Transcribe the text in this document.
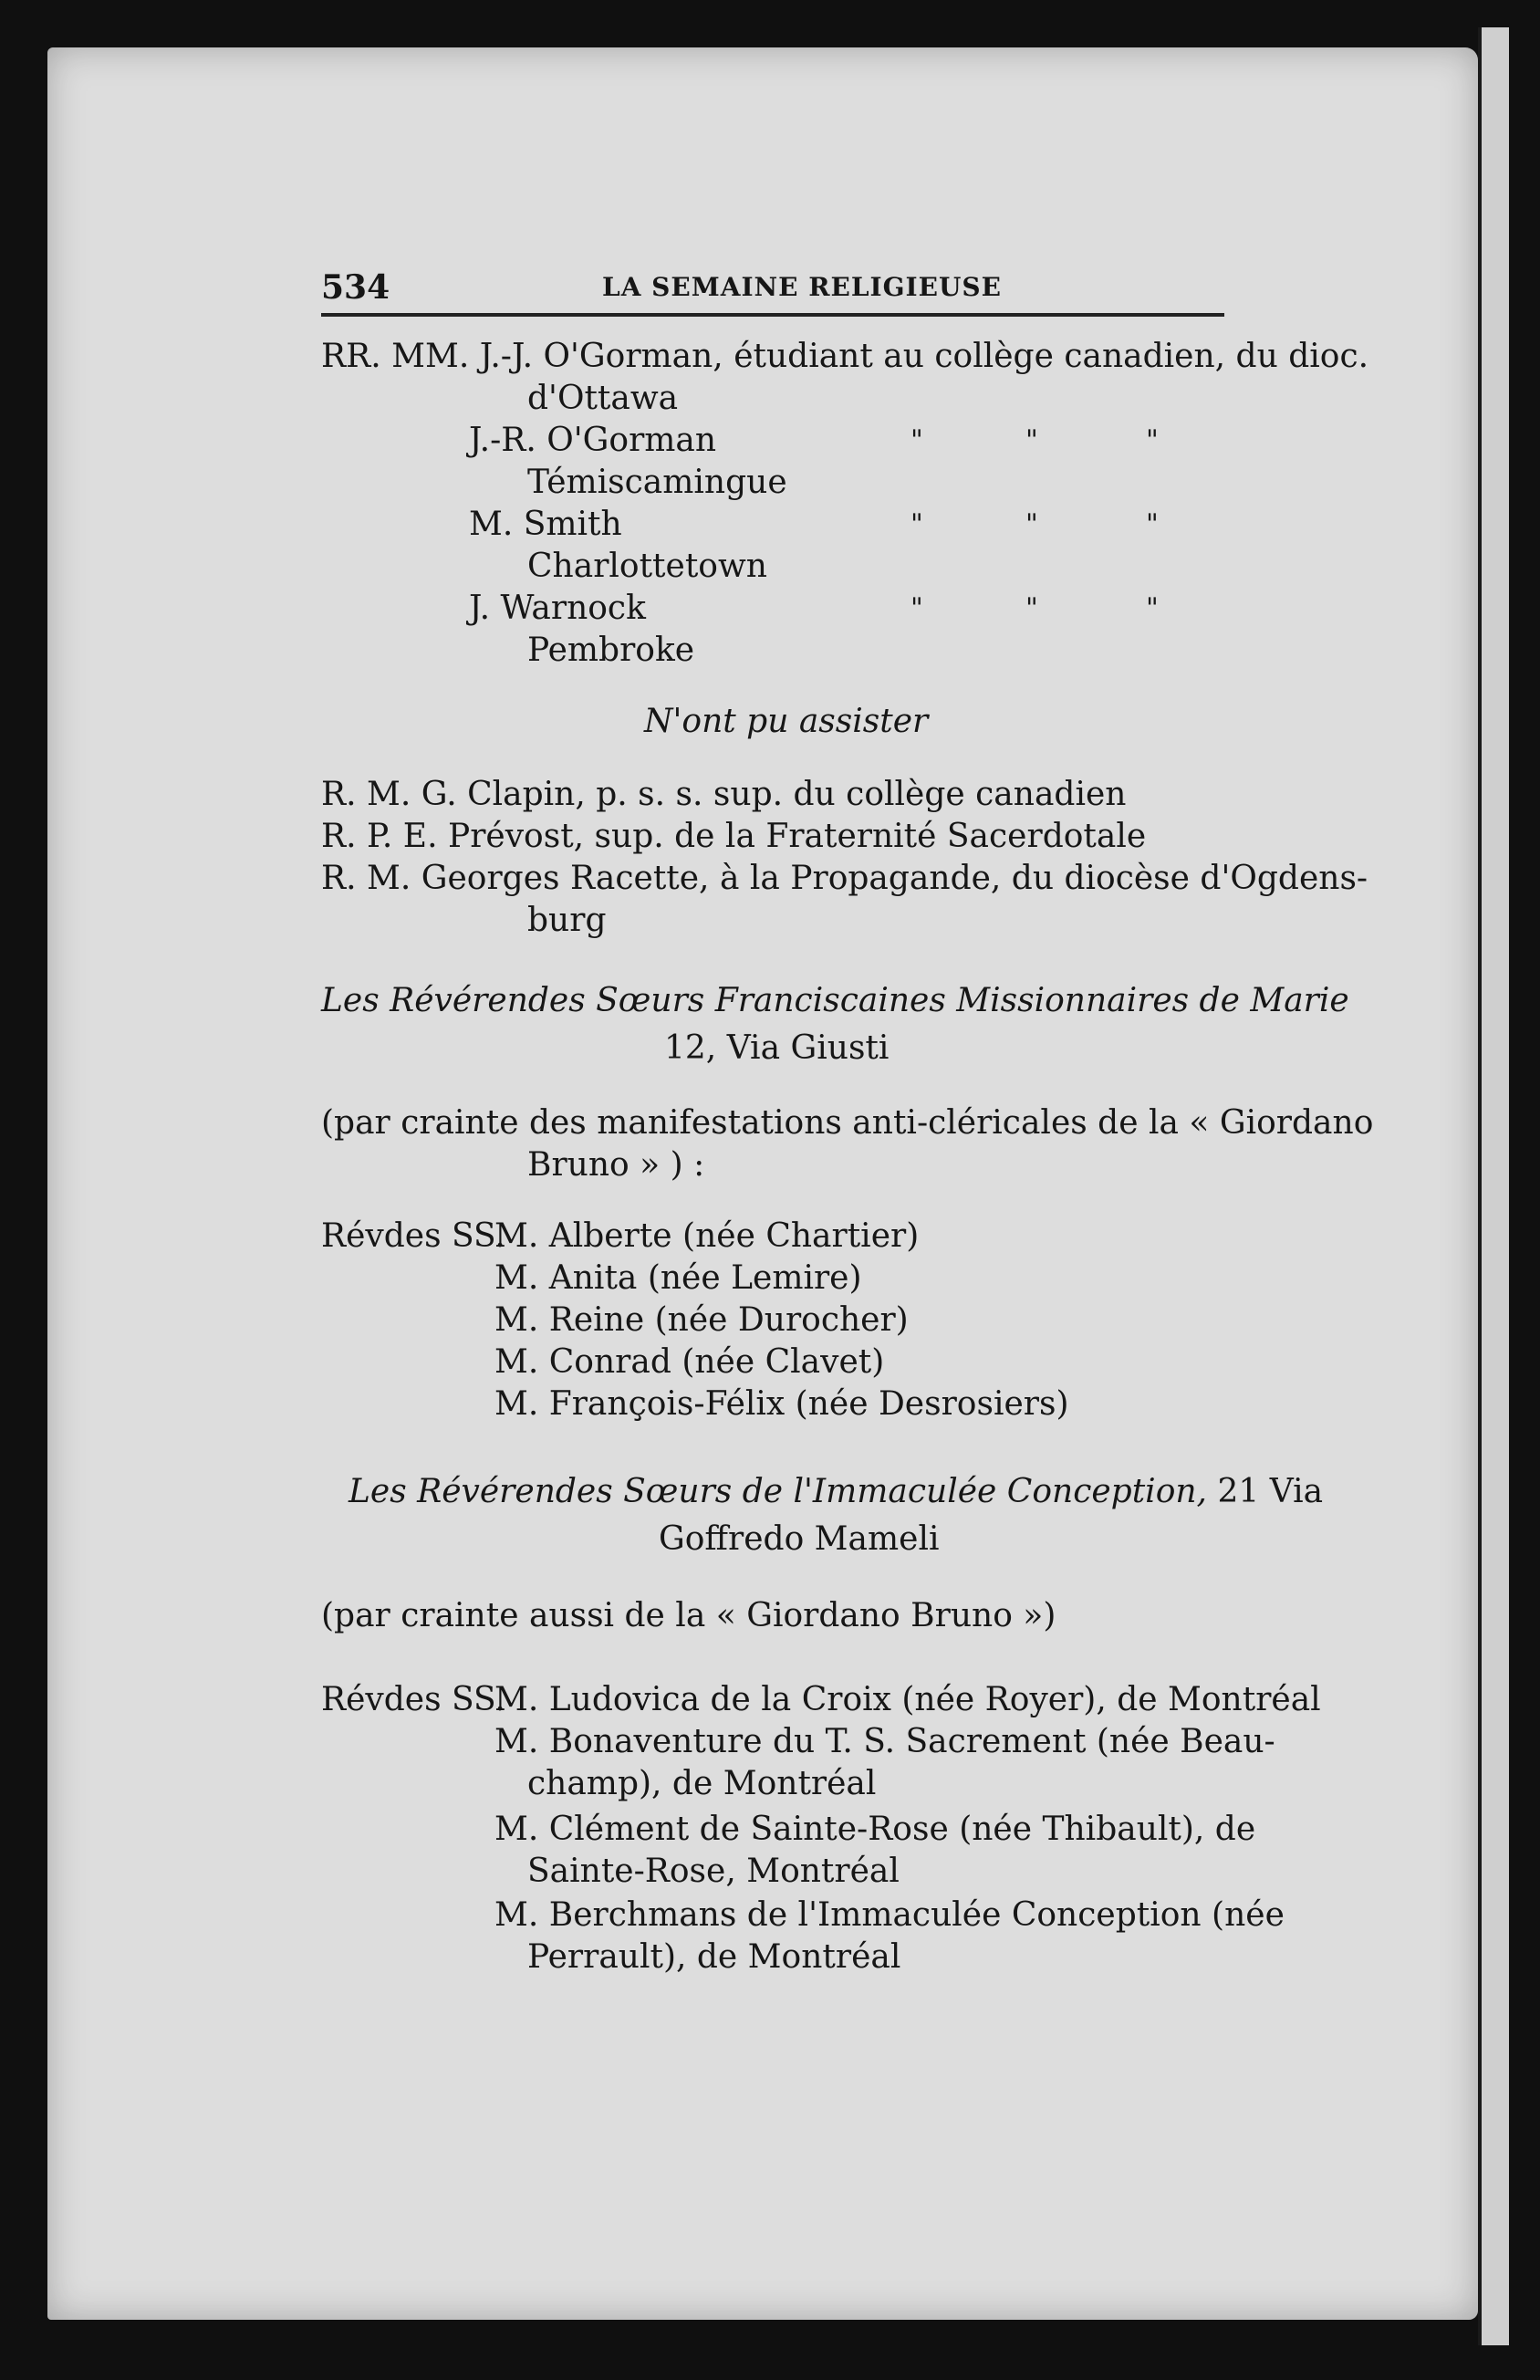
534	LA SEMAINE RELIGIEUSE
RR. MM. J.-J. O'Gorman, étudiant au collège canadien, du dioc.
d'Ottawa
J.-R. O'Gorman	"	"	"
Témiscamingue
M. Smith	"	"	"
Charlottetown
J. Warnock	"	"	"
Pembroke
N'ont pu assister
R. M. G. Clapin, p. s. s. sup. du collège canadien
R. P. E. Prévost, sup. de la Fraternité Sacerdotale
R. M. Georges Racette, à la Propagande, du diocèse d'Ogdens-
burg
Les Révérendes Sœurs Franciscaines Missionnaires de Marie
12, Via Giusti
(par crainte des manifestations anti-cléricales de la « Giordano
Bruno » ) :
Révdes SS.
M. Alberte (née Chartier)
M. Anita (née Lemire)
M. Reine (née Durocher)
M. Conrad (née Clavet)
M. François-Félix (née Desrosiers)
Les Révérendes Sœurs de l'Immaculée Conception, 21 Via
Goffredo Mameli
(par crainte aussi de la « Giordano Bruno »)
Révdes SS.
M. Ludovica de la Croix (née Royer), de Montréal
M. Bonaventure du T. S. Sacrement (née Beau-
champ), de Montréal
M. Clément de Sainte-Rose (née Thibault), de
Sainte-Rose, Montréal
M. Berchmans de l'Immaculée Conception (née
Perrault), de Montréal
